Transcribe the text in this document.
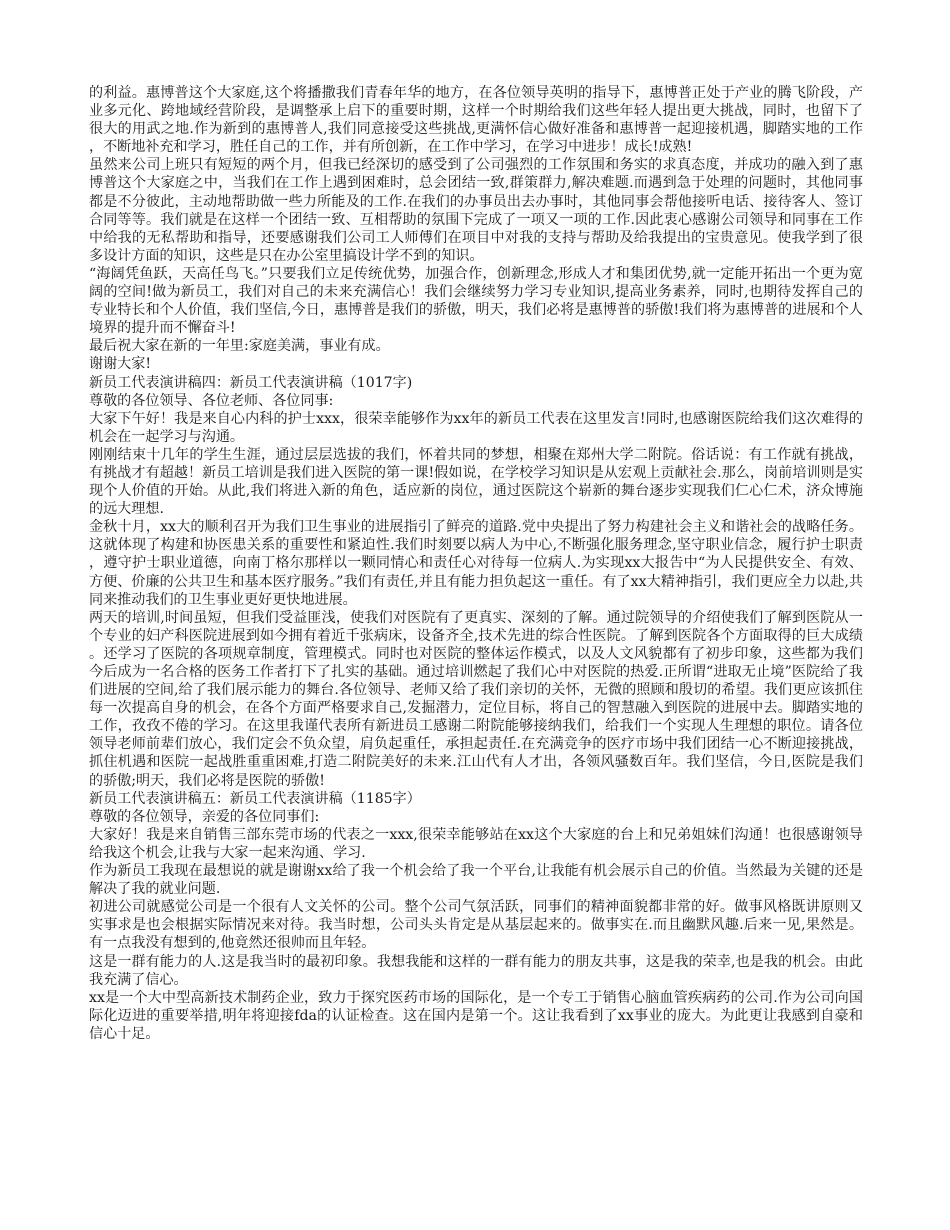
的利益。惠博普这个大家庭,这个将播撒我们青春年华的地方，在各位领导英明的指导下，惠博普正处于产业的腾飞阶段，产业多元化、跨地域经营阶段，是调整承上启下的重要时期，这样一个时期给我们这些年轻人提出更大挑战，同时，也留下了很大的用武之地.作为新到的惠博普人,我们同意接受这些挑战,更满怀信心做好准备和惠博普一起迎接机遇，脚踏实地的工作，不断地补充和学习，胜任自己的工作，并有所创新，在工作中学习，在学习中进步！成长!成熟!

虽然来公司上班只有短短的两个月，但我已经深切的感受到了公司强烈的工作氛围和务实的求真态度，并成功的融入到了惠博普这个大家庭之中，当我们在工作上遇到困难时，总会团结一致,群策群力,解决难题.而遇到急于处理的问题时，其他同事都是不分彼此，主动地帮助做一些力所能及的工作.在我们的办事员出去办事时，其他同事会帮他接听电话、接待客人、签订合同等等。我们就是在这样一个团结一致、互相帮助的氛围下完成了一项又一项的工作.因此衷心感谢公司领导和同事在工作中给我的无私帮助和指导，还要感谢我们公司工人师傅们在项目中对我的支持与帮助及给我提出的宝贵意见。使我学到了很多设计方面的知识，这些是只在办公室里搞设计学不到的知识。

“海阔凭鱼跃，天高任鸟飞。”只要我们立足传统优势，加强合作，创新理念,形成人才和集团优势,就一定能开拓出一个更为宽阔的空间!做为新员工，我们对自己的未来充满信心！我们会继续努力学习专业知识,提高业务素养，同时,也期待发挥自己的专业特长和个人价值，我们坚信,今日，惠博普是我们的骄傲，明天，我们必将是惠博普的骄傲!我们将为惠博普的进展和个人境界的提升而不懈奋斗!

最后祝大家在新的一年里:家庭美满，事业有成。

谢谢大家!

新员工代表演讲稿四：新员工代表演讲稿（1017字)

尊敬的各位领导、各位老师、各位同事:

大家下午好！我是来自心内科的护士xxx，很荣幸能够作为xx年的新员工代表在这里发言!同时,也感谢医院给我们这次难得的机会在一起学习与沟通。

刚刚结束十几年的学生生涯，通过层层选拔的我们，怀着共同的梦想，相聚在郑州大学二附院。俗话说：有工作就有挑战，有挑战才有超越！新员工培训是我们进入医院的第一课!假如说，在学校学习知识是从宏观上贡献社会.那么，岗前培训则是实现个人价值的开始。从此,我们将进入新的角色，适应新的岗位，通过医院这个崭新的舞台逐步实现我们仁心仁术，济众博施的远大理想.

金秋十月，xx大的顺利召开为我们卫生事业的进展指引了鲜亮的道路.党中央提出了努力构建社会主义和谐社会的战略任务。这就体现了构建和协医患关系的重要性和紧迫性.我们时刻要以病人为中心,不断强化服务理念,坚守职业信念，履行护士职责，遵守护士职业道德，向南丁格尔那样以一颗同情心和责任心对待每一位病人.为实现xx大报告中“为人民提供安全、有效、方便、价廉的公共卫生和基本医疗服务。”我们有责任,并且有能力担负起这一重任。有了xx大精神指引，我们更应全力以赴,共同来推动我们的卫生事业更好更快地进展。

两天的培训,时间虽短，但我们受益匪浅，使我们对医院有了更真实、深刻的了解。通过院领导的介绍使我们了解到医院从一个专业的妇产科医院进展到如今拥有着近千张病床，设备齐全,技术先进的综合性医院。了解到医院各个方面取得的巨大成绩。还学习了医院的各项规章制度，管理模式。同时也对医院的整体运作模式，以及人文风貌都有了初步印象，这些都为我们今后成为一名合格的医务工作者打下了扎实的基础。通过培训燃起了我们心中对医院的热爱.正所谓“进取无止境”医院给了我们进展的空间,给了我们展示能力的舞台.各位领导、老师又给了我们亲切的关怀，无微的照顾和殷切的希望。我们更应该抓住每一次提高自身的机会，在各个方面严格要求自己,发掘潜力，定位目标，将自己的智慧融入到医院的进展中去。脚踏实地的工作，孜孜不倦的学习。在这里我谨代表所有新进员工感谢二附院能够接纳我们，给我们一个实现人生理想的职位。请各位领导老师前辈们放心，我们定会不负众望，肩负起重任，承担起责任.在充满竞争的医疗市场中我们团结一心不断迎接挑战，抓住机遇和医院一起战胜重重困难,打造二附院美好的未来.江山代有人才出，各领风骚数百年。我们坚信，今日,医院是我们的骄傲;明天，我们必将是医院的骄傲!

新员工代表演讲稿五：新员工代表演讲稿（1185字）

尊敬的各位领导，亲爱的各位同事们:

大家好！我是来自销售三部东莞市场的代表之一xxx,很荣幸能够站在xx这个大家庭的台上和兄弟姐妹们沟通！也很感谢领导给我这个机会,让我与大家一起来沟通、学习.

作为新员工我现在最想说的就是谢谢xx给了我一个机会给了我一个平台,让我能有机会展示自己的价值。当然最为关键的还是解决了我的就业问题.

初进公司就感觉公司是一个很有人文关怀的公司。整个公司气氛活跃，同事们的精神面貌都非常的好。做事风格既讲原则又实事求是也会根据实际情况来对待。我当时想，公司头头肯定是从基层起来的。做事实在.而且幽默风趣.后来一见,果然是。有一点我没有想到的,他竟然还很帅而且年轻。

这是一群有能力的人.这是我当时的最初印象。我想我能和这样的一群有能力的朋友共事，这是我的荣幸,也是我的机会。由此我充满了信心。

xx是一个大中型高新技术制药企业，致力于探究医药市场的国际化，是一个专工于销售心脑血管疾病药的公司.作为公司向国际化迈进的重要举措,明年将迎接fda的认证检查。这在国内是第一个。这让我看到了xx事业的庞大。为此更让我感到自豪和信心十足。
